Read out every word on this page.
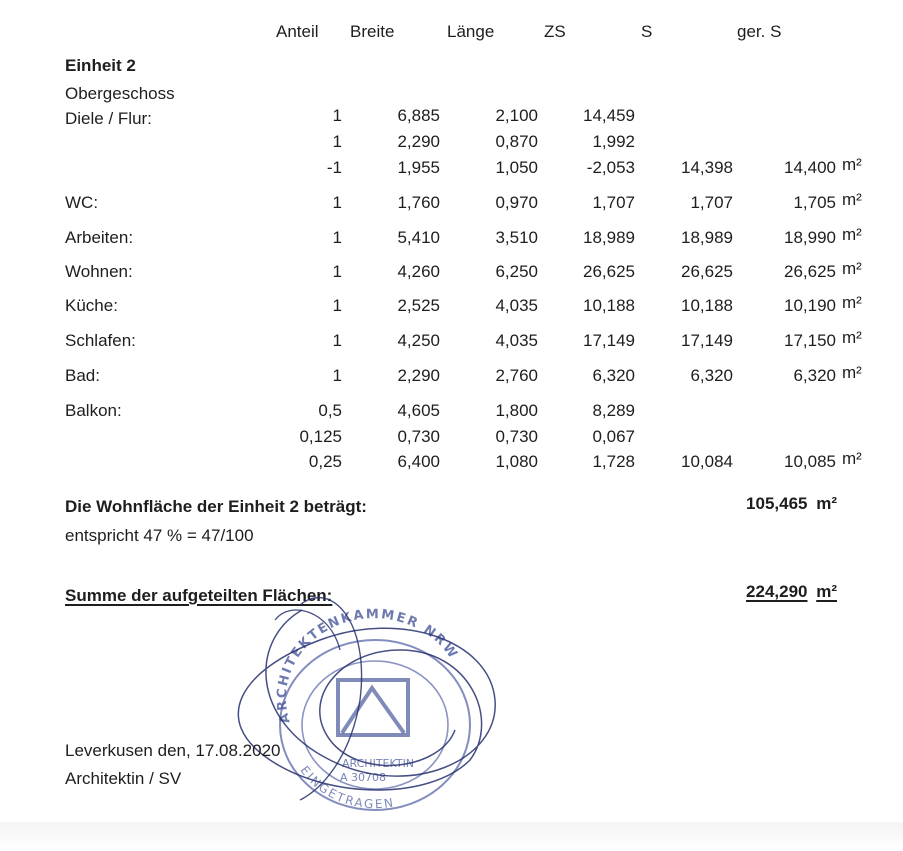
Anteil Breite	Länge	ZS	S	ger. S
Einheit 2
Obergeschoss
Diele / Flur:	1	6,885	2,100	14,459
1	2,290	0,870	1,992
-1	1,955	1,050	-2,053	14,398	14,400 m²
WC:	1	1,760	0,970	1,707	1,707	1,705 m²
Arbeiten:	1	5,410	3,510	18,989	18,989	18,990 m²
Wohnen:	1	4,260	6,250	26,625	26,625	26,625 m²
Küche:	1	2,525	4,035	10,188	10,188	10,190 m²
Schlafen:	1	4,250	4,035	17,149	17,149	17,150 m²
Bad:	1	2,290	2,760	6,320	6,320	6,320 m²
Balkon:	0,5	4,605	1,800	8,289
0,125	0,730	0,730	0,067
0,25	6,400	1,080	1,728	10,084	10,085 m²
Die Wohnfläche der Einheit 2 beträgt:	105,465 m²
entspricht 47 % = 47/100
Summe der aufgeteilten Flächen:	224,290 m²
ARCHITEKTENKAMMER NRW
EINGETRAGEN
ARCHITEKTIN
A 30708
Leverkusen den, 17.08.2020
Architektin / SV
